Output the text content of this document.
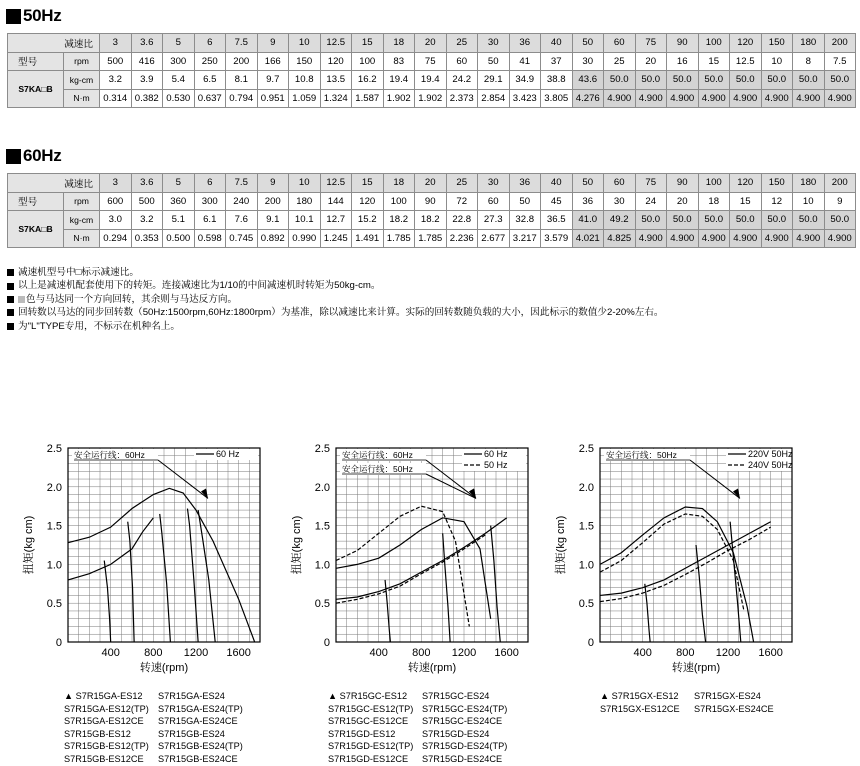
50Hz
减速比		3	3.6	5	6	7.5	9	10	12.5	15	18	20	25	30	36	40	50	60	75	90	100	120	150	180	200
型号	rpm	500	416	300	250	200	166	150	120	100	83	75	60	50	41	37	30	25	20	16	15	12.5	10	8	7.5
S7KA□B	kg-cm	3.2	3.9	5.4	6.5	8.1	9.7	10.8	13.5	16.2	19.4	19.4	24.2	29.1	34.9	38.8	43.6	50.0	50.0	50.0	50.0	50.0	50.0	50.0	50.0
	N·m	0.314	0.382	0.530	0.637	0.794	0.951	1.059	1.324	1.587	1.902	1.902	2.373	2.854	3.423	3.805	4.276	4.900	4.900	4.900	4.900	4.900	4.900	4.900	4.900
60Hz
减速比		3	3.6	5	6	7.5	9	10	12.5	15	18	20	25	30	36	40	50	60	75	90	100	120	150	180	200
型号	rpm	600	500	360	300	240	200	180	144	120	100	90	72	60	50	45	36	30	24	20	18	15	12	10	9
S7KA□B	kg-cm	3.0	3.2	5.1	6.1	7.6	9.1	10.1	12.7	15.2	18.2	18.2	22.8	27.3	32.8	36.5	41.0	49.2	50.0	50.0	50.0	50.0	50.0	50.0	50.0
	N·m	0.294	0.353	0.500	0.598	0.745	0.892	0.990	1.245	1.491	1.785	1.785	2.236	2.677	3.217	3.579	4.021	4.825	4.900	4.900	4.900	4.900	4.900	4.900	4.900
减速机型号中□标示减速比。
以上是减速机配套使用下的转矩。连接减速比为1/10的中间减速机时转矩为50kg-cm。
色与马达同一个方向回转，其余则与马达反方向。
回转数以马达的同步回转数（50Hz:1500rpm,60Hz:1800rpm）为基准，除以减速比来计算。实际的回转数随负载的大小，因此标示的数值少2-20%左右。
为"L"TYPE专用，不标示在机种名上。
0
0.5
1.0
1.5
2.0
2.5
400 800 1200 1600
转速(rpm)
扭矩(kg cm)
安全运行线：60Hz	60 Hz
0
0.5
1.0
1.5
2.0
2.5
400 800 1200 1600
转速(rpm)
扭矩(kg cm)
安全运行线：60Hz
安全运行线：50Hz
60 Hz
50 Hz
0
0.5
1.0
1.5
2.0
2.5
400 800 1200 1600
转速(rpm)
扭矩(kg cm)
安全运行线：50Hz	220V 50Hz
240V 50Hz
▲ S7R15GA-ES12	S7R15GA-ES24
S7R15GA-ES12(TP)	S7R15GA-ES24(TP)
S7R15GA-ES12CE	S7R15GA-ES24CE
S7R15GB-ES12	S7R15GB-ES24
S7R15GB-ES12(TP)	S7R15GB-ES24(TP)
S7R15GB-ES12CE	S7R15GB-ES24CE
▲ S7R15GC-ES12	S7R15GC-ES24
S7R15GC-ES12(TP) S7R15GC-ES24(TP)
S7R15GC-ES12CE	S7R15GC-ES24CE
S7R15GD-ES12	S7R15GD-ES24
S7R15GD-ES12(TP) S7R15GD-ES24(TP)
S7R15GD-ES12CE	S7R15GD-ES24CE
▲ S7R15GX-ES12	S7R15GX-ES24
S7R15GX-ES12CE	S7R15GX-ES24CE
